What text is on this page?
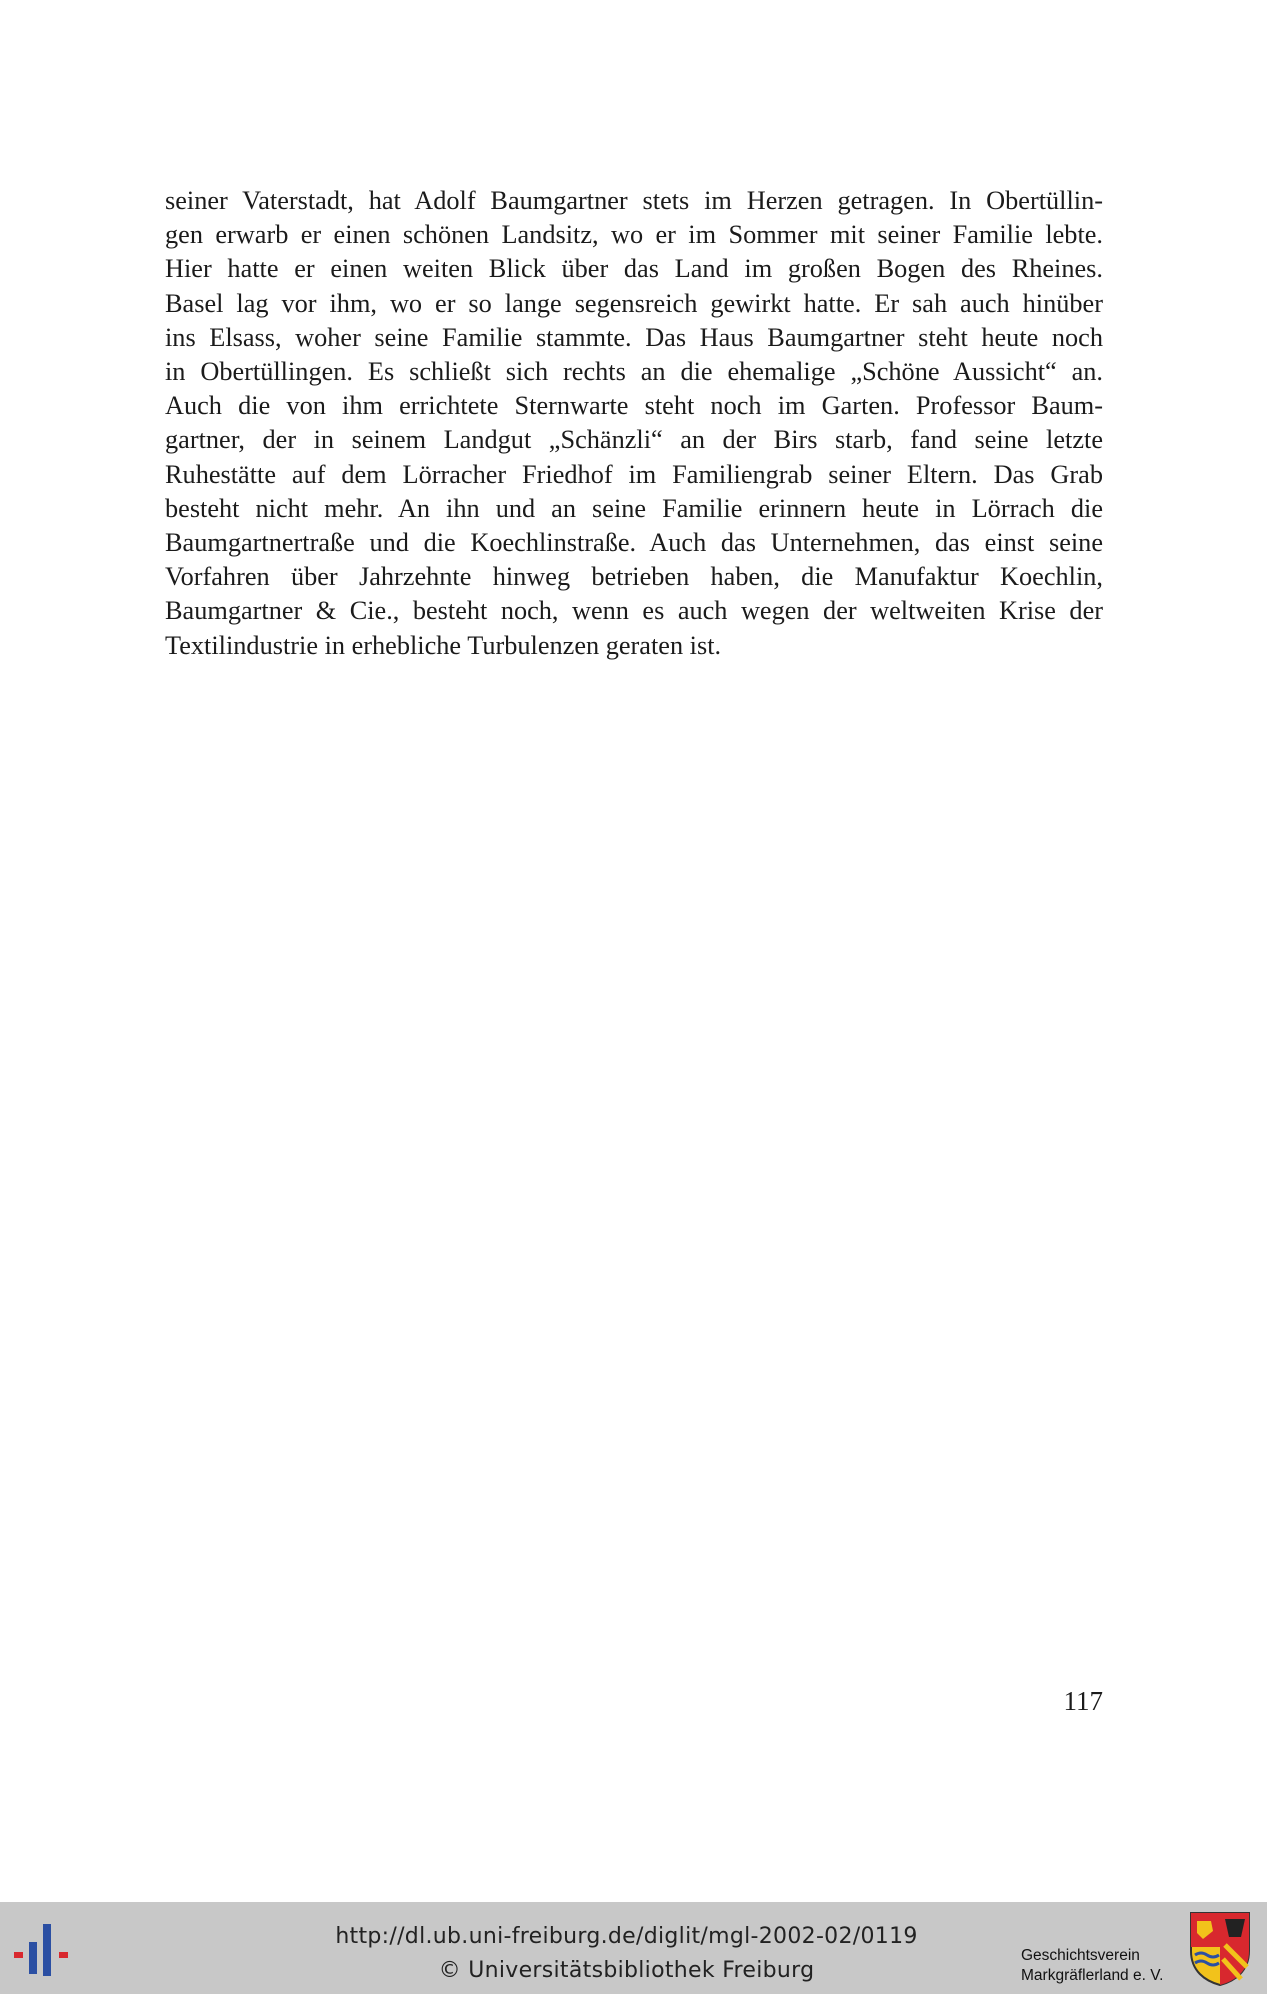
seiner Vaterstadt, hat Adolf Baumgartner stets im Herzen getragen. In Obertüllin-
gen erwarb er einen schönen Landsitz, wo er im Sommer mit seiner Familie lebte.
Hier hatte er einen weiten Blick über das Land im großen Bogen des Rheines.
Basel lag vor ihm, wo er so lange segensreich gewirkt hatte. Er sah auch hinüber
ins Elsass, woher seine Familie stammte. Das Haus Baumgartner steht heute noch
in Obertüllingen. Es schließt sich rechts an die ehemalige „Schöne Aussicht“ an.
Auch die von ihm errichtete Sternwarte steht noch im Garten. Professor Baum-
gartner, der in seinem Landgut „Schänzli“ an der Birs starb, fand seine letzte
Ruhestätte auf dem Lörracher Friedhof im Familiengrab seiner Eltern. Das Grab
besteht nicht mehr. An ihn und an seine Familie erinnern heute in Lörrach die
Baumgartnertraße und die Koechlinstraße. Auch das Unternehmen, das einst seine
Vorfahren über Jahrzehnte hinweg betrieben haben, die Manufaktur Koechlin,
Baumgartner & Cie., besteht noch, wenn es auch wegen der weltweiten Krise der
Textilindustrie in erhebliche Turbulenzen geraten ist.
117
http://dl.ub.uni-freiburg.de/diglit/mgl-2002-02/0119
© Universitätsbibliothek Freiburg
Geschichtsverein
Markgräflerland e. V.
